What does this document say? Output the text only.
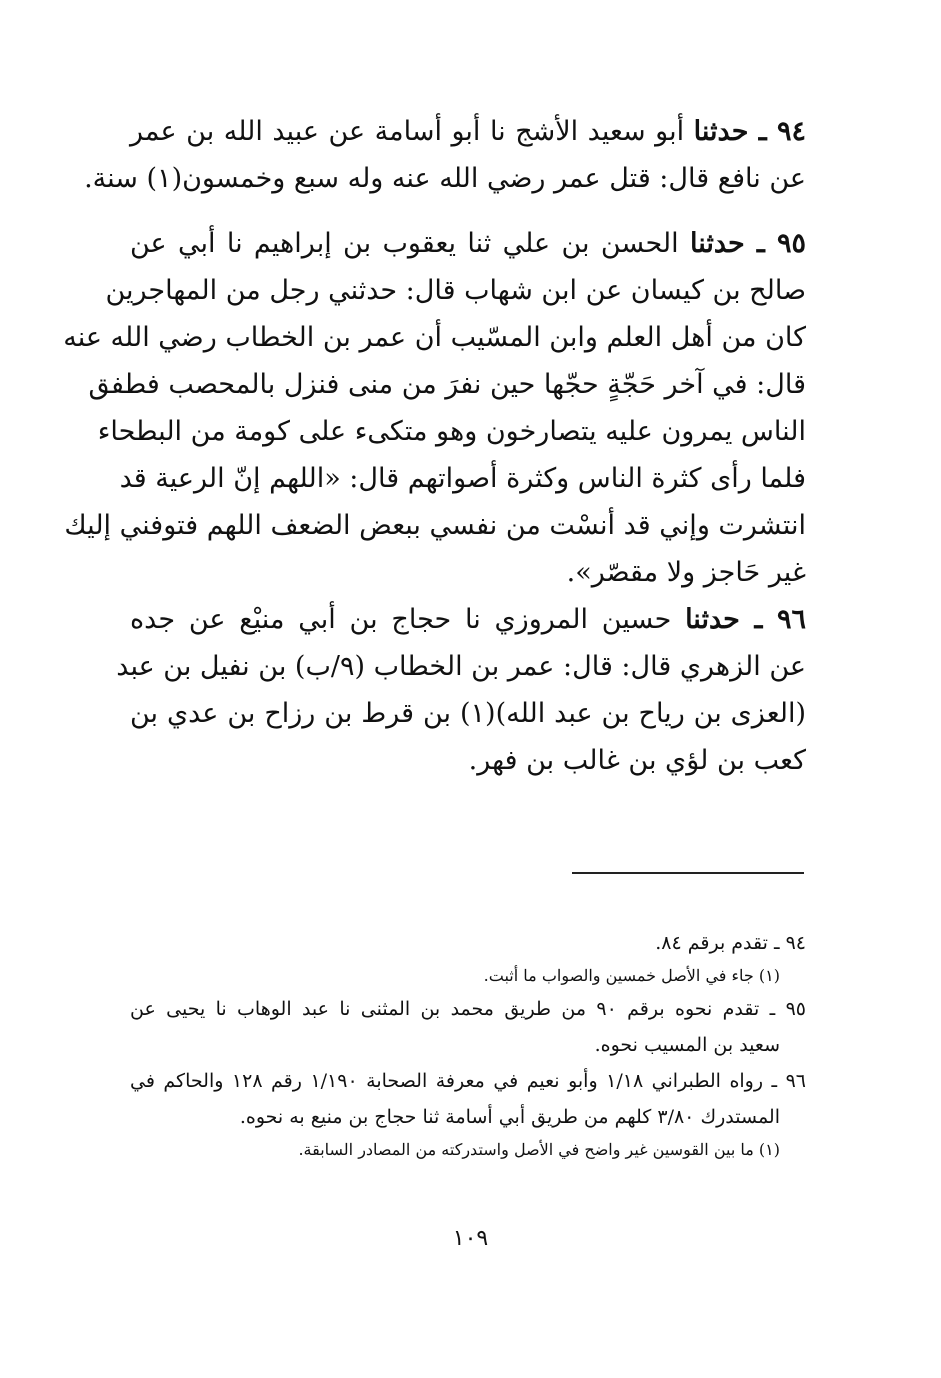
٩٤ ـ حدثنا أبو سعيد الأشج نا أبو أسامة عن عبيد الله بن عمر
عن نافع قال: قتل عمر رضي الله عنه وله سبع وخمسون(١) سنة.
٩٥ ـ حدثنا الحسن بن علي ثنا يعقوب بن إبراهيم نا أبي عن
صالح بن كيسان عن ابن شهاب قال: حدثني رجل من المهاجرين
كان من أهل العلم وابن المسّيب أن عمر بن الخطاب رضي الله عنه
قال: في آخر حَجّةٍ حجّها حين نفرَ من منى فنزل بالمحصب فطفق
الناس يمرون عليه يتصارخون وهو متكىء على كومة من البطحاء
فلما رأى كثرة الناس وكثرة أصواتهم قال: «اللهم إنّ الرعية قد
انتشرت وإني قد أنسْت من نفسي ببعض الضعف اللهم فتوفني إليك
غير حَاجز ولا مقصّر».
٩٦ ـ حدثنا حسين المروزي نا حجاج بن أبي منيْع عن جده
عن الزهري قال: قال: عمر بن الخطاب (٩/ب) بن نفيل بن عبد
(العزى بن رياح بن عبد الله)(١) بن قرط بن رزاح بن عدي بن
كعب بن لؤي بن غالب بن فهر.
٩٤ ـ تقدم برقم ٨٤.
(١) جاء في الأصل خمسين والصواب ما أثبت.
٩٥ ـ تقدم نحوه برقم ٩٠ من طريق محمد بن المثنى نا عبد الوهاب نا يحيى عن
سعيد بن المسيب نحوه.
٩٦ ـ رواه الطبراني ١/١٨ وأبو نعيم في معرفة الصحابة ١/١٩٠ رقم ١٢٨ والحاكم في
المستدرك ٣/٨٠ كلهم من طريق أبي أسامة ثنا حجاج بن منيع به نحوه.
(١) ما بين القوسين غير واضح في الأصل واستدركته من المصادر السابقة.
١٠٩
